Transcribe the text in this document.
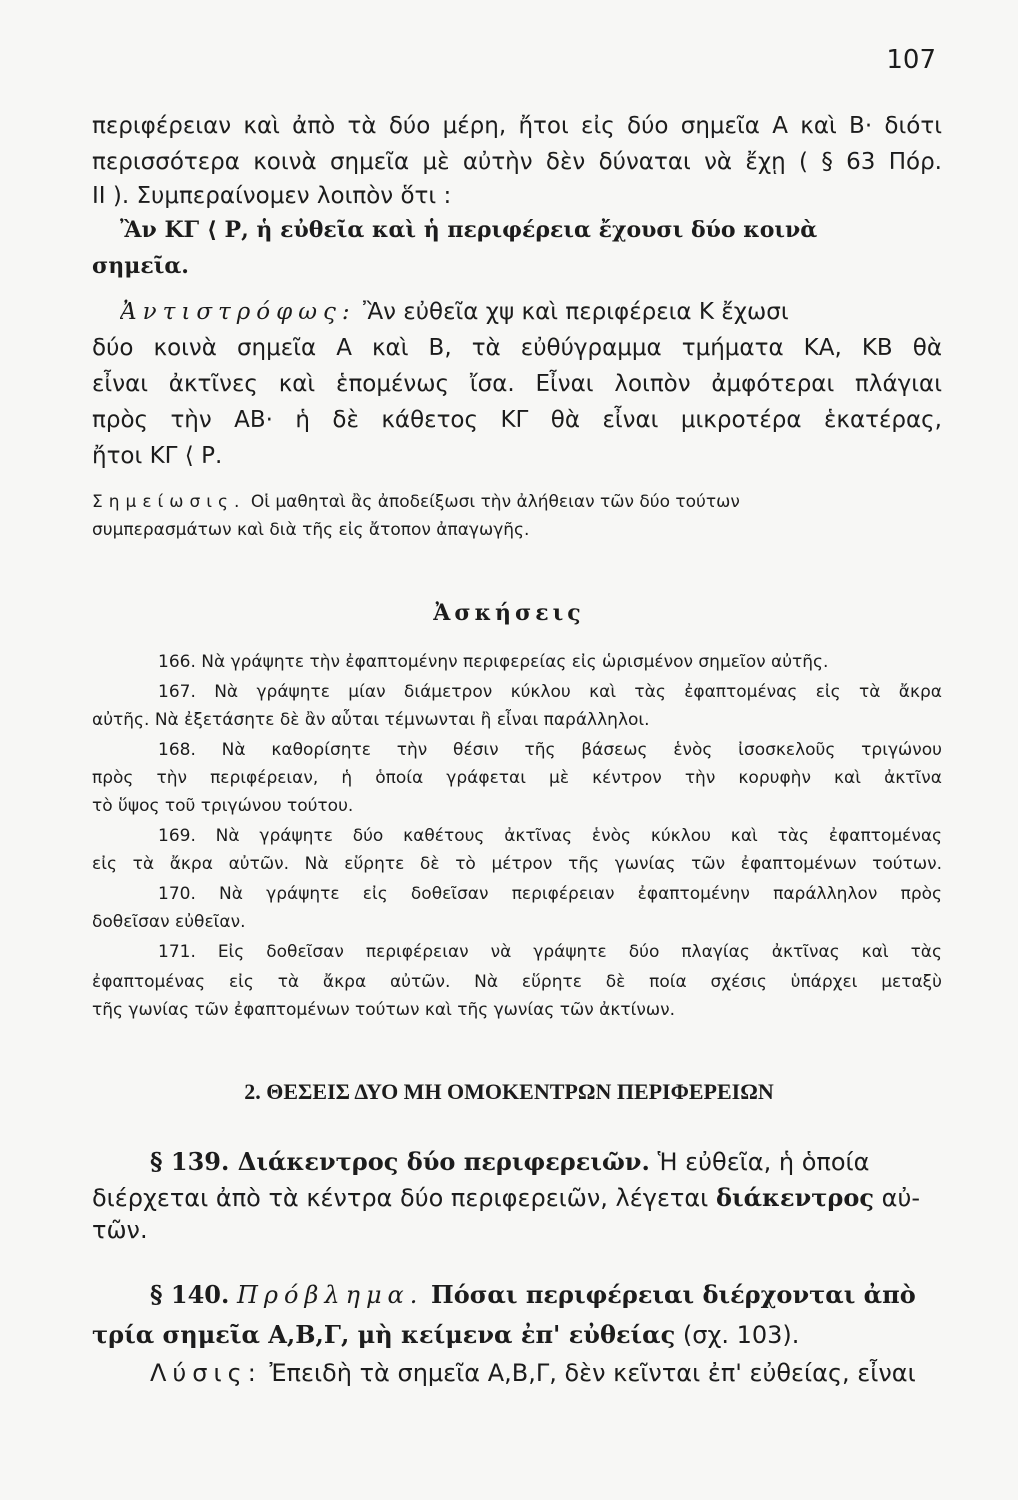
107
περιφέρειαν καὶ ἀπὸ τὰ δύο μέρη, ἤτοι εἰς δύο σημεῖα Α καὶ Β· διότι
περισσότερα κοινὰ σημεῖα μὲ αὐτὴν δὲν δύναται νὰ ἔχῃ ( § 63 Πόρ.
ΙΙ ). Συμπεραίνομεν λοιπὸν ὅτι :
Ἂν ΚΓ ⟨ Ρ, ἡ εὐθεῖα καὶ ἡ περιφέρεια ἔχουσι δύο κοινὰ
σημεῖα.
Ἀντιστρόφως: Ἂν εὐθεῖα χψ καὶ περιφέρεια Κ ἔχωσι
δύο κοινὰ σημεῖα Α καὶ Β, τὰ εὐθύγραμμα τμήματα ΚΑ, ΚΒ θὰ
εἶναι ἀκτῖνες καὶ ἑπομένως ἴσα. Εἶναι λοιπὸν ἀμφότεραι πλάγιαι
πρὸς τὴν ΑΒ· ἡ δὲ κάθετος ΚΓ θὰ εἶναι μικροτέρα ἑκατέρας,
ἤτοι ΚΓ ⟨ Ρ.
Σημείωσις. Οἱ μαθηταὶ ἂς ἀποδείξωσι τὴν ἀλήθειαν τῶν δύο τούτων
συμπερασμάτων καὶ διὰ τῆς εἰς ἄτοπον ἀπαγωγῆς.
Ἀσκήσεις
166. Νὰ γράψητε τὴν ἐφαπτομένην περιφερείας εἰς ὡρισμένον σημεῖον αὐτῆς.
167. Νὰ γράψητε μίαν διάμετρον κύκλου καὶ τὰς ἐφαπτομένας εἰς τὰ ἄκρα
αὐτῆς. Νὰ ἐξετάσητε δὲ ἂν αὗται τέμνωνται ἢ εἶναι παράλληλοι.
168. Νὰ καθορίσητε τὴν θέσιν τῆς βάσεως ἑνὸς ἰσοσκελοῦς τριγώνου
πρὸς τὴν περιφέρειαν, ἡ ὁποία γράφεται μὲ κέντρον τὴν κορυφὴν καὶ ἀκτῖνα
τὸ ὕψος τοῦ τριγώνου τούτου.
169. Νὰ γράψητε δύο καθέτους ἀκτῖνας ἑνὸς κύκλου καὶ τὰς ἐφαπτομένας
εἰς τὰ ἄκρα αὐτῶν. Νὰ εὕρητε δὲ τὸ μέτρον τῆς γωνίας τῶν ἐφαπτομένων τούτων.
170. Νὰ γράψητε εἰς δοθεῖσαν περιφέρειαν ἐφαπτομένην παράλληλον πρὸς
δοθεῖσαν εὐθεῖαν.
171. Εἰς δοθεῖσαν περιφέρειαν νὰ γράψητε δύο πλαγίας ἀκτῖνας καὶ τὰς
ἐφαπτομένας εἰς τὰ ἄκρα αὐτῶν. Νὰ εὕρητε δὲ ποία σχέσις ὑπάρχει μεταξὺ
τῆς γωνίας τῶν ἐφαπτομένων τούτων καὶ τῆς γωνίας τῶν ἀκτίνων.
2. ΘΕΣΕΙΣ ΔΥΟ ΜΗ ΟΜΟΚΕΝΤΡΩΝ ΠΕΡΙΦΕΡΕΙΩΝ
§ 139. Διάκεντρος δύο περιφερειῶν. Ἡ εὐθεῖα, ἡ ὁποία
διέρχεται ἀπὸ τὰ κέντρα δύο περιφερειῶν, λέγεται διάκεντρος αὐ-
τῶν.
§ 140. Πρόβλημα. Πόσαι περιφέρειαι διέρχονται ἀπὸ
τρία σημεῖα Α,Β,Γ, μὴ κείμενα ἐπ' εὐθείας (σχ. 103).
Λύσις: Ἐπειδὴ τὰ σημεῖα Α,Β,Γ, δὲν κεῖνται ἐπ' εὐθείας, εἶναι
